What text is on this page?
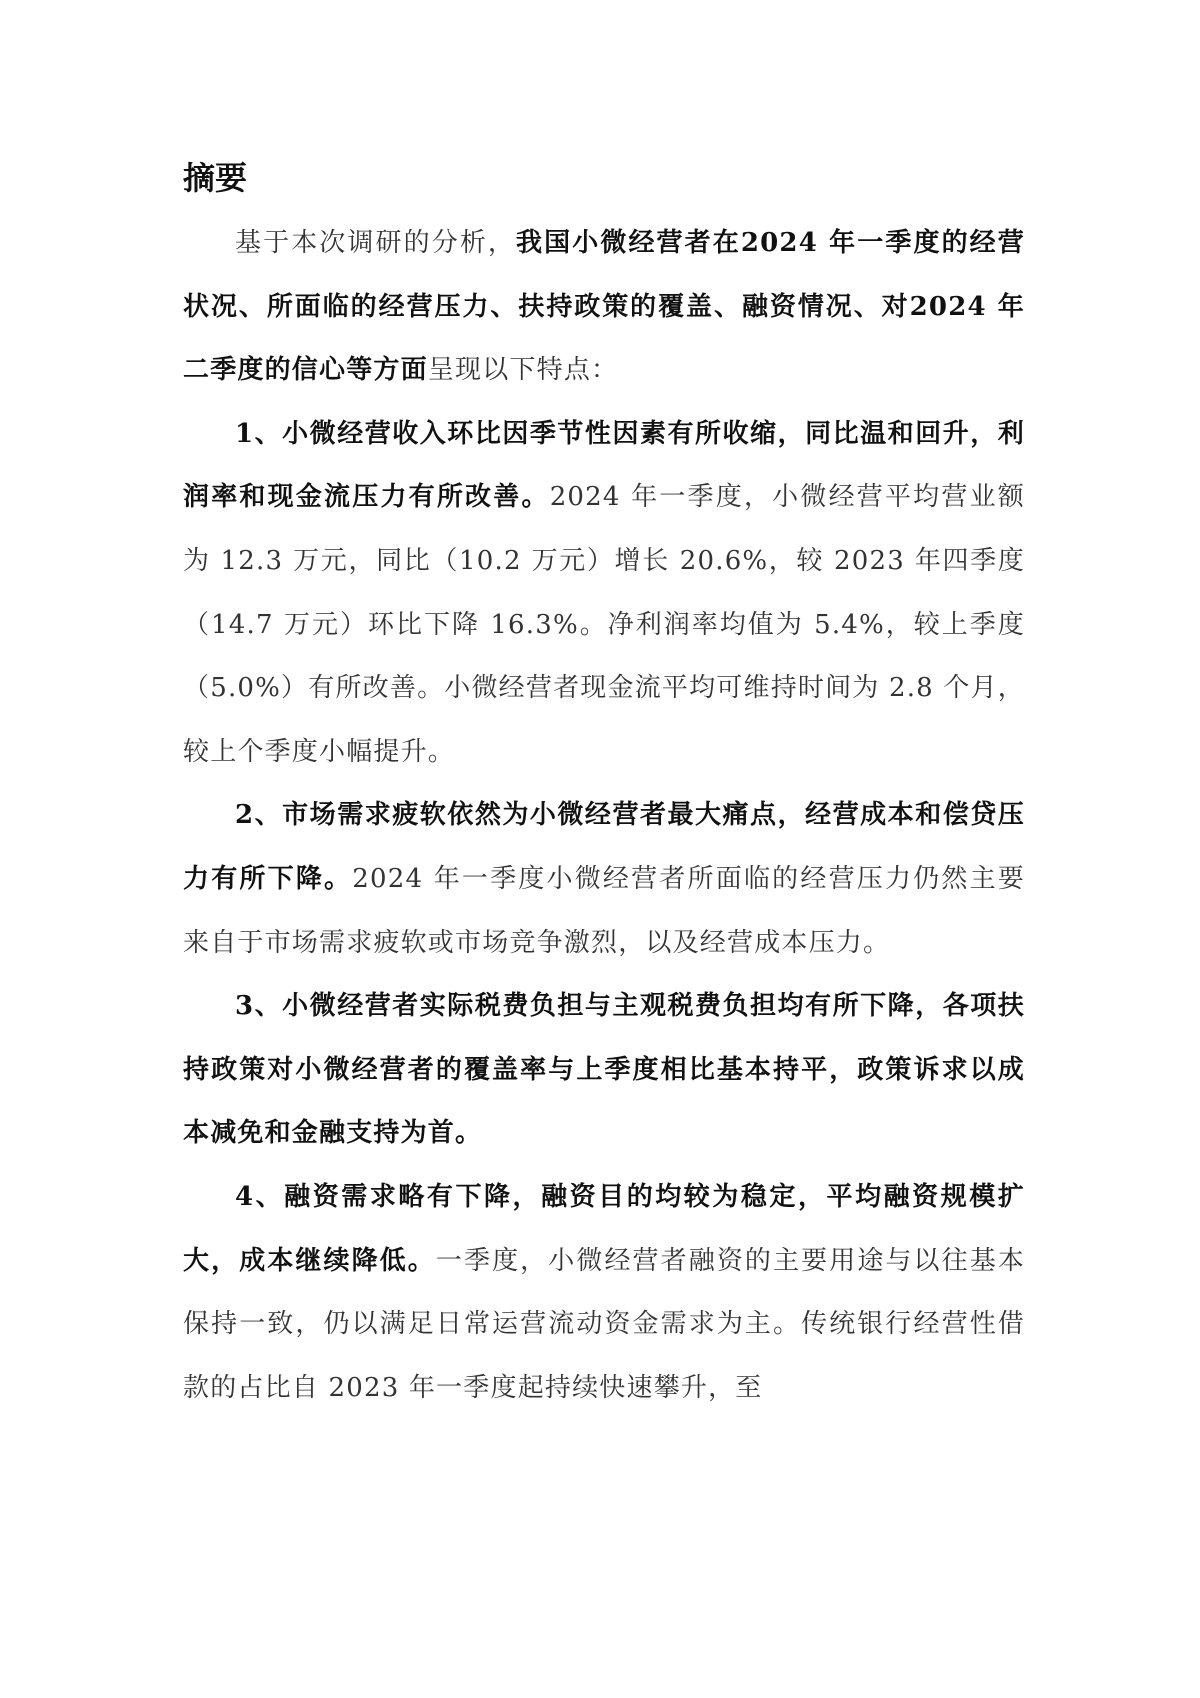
摘要

基于本次调研的分析，我国小微经营者在2024 年一季度的经营状况、所面临的经营压力、扶持政策的覆盖、融资情况、对2024 年二季度的信心等方面呈现以下特点：

1、小微经营收入环比因季节性因素有所收缩，同比温和回升，利润率和现金流压力有所改善。2024 年一季度，小微经营平均营业额为 12.3 万元，同比（10.2 万元）增长 20.6%，较 2023 年四季度（14.7 万元）环比下降 16.3%。净利润率均值为 5.4%，较上季度（5.0%）有所改善。小微经营者现金流平均可维持时间为 2.8 个月，较上个季度小幅提升。

2、市场需求疲软依然为小微经营者最大痛点，经营成本和偿贷压力有所下降。2024 年一季度小微经营者所面临的经营压力仍然主要来自于市场需求疲软或市场竞争激烈，以及经营成本压力。

3、小微经营者实际税费负担与主观税费负担均有所下降，各项扶持政策对小微经营者的覆盖率与上季度相比基本持平，政策诉求以成本减免和金融支持为首。

4、融资需求略有下降，融资目的均较为稳定，平均融资规模扩大，成本继续降低。一季度，小微经营者融资的主要用途与以往基本保持一致，仍以满足日常运营流动资金需求为主。传统银行经营性借款的占比自 2023 年一季度起持续快速攀升，至
